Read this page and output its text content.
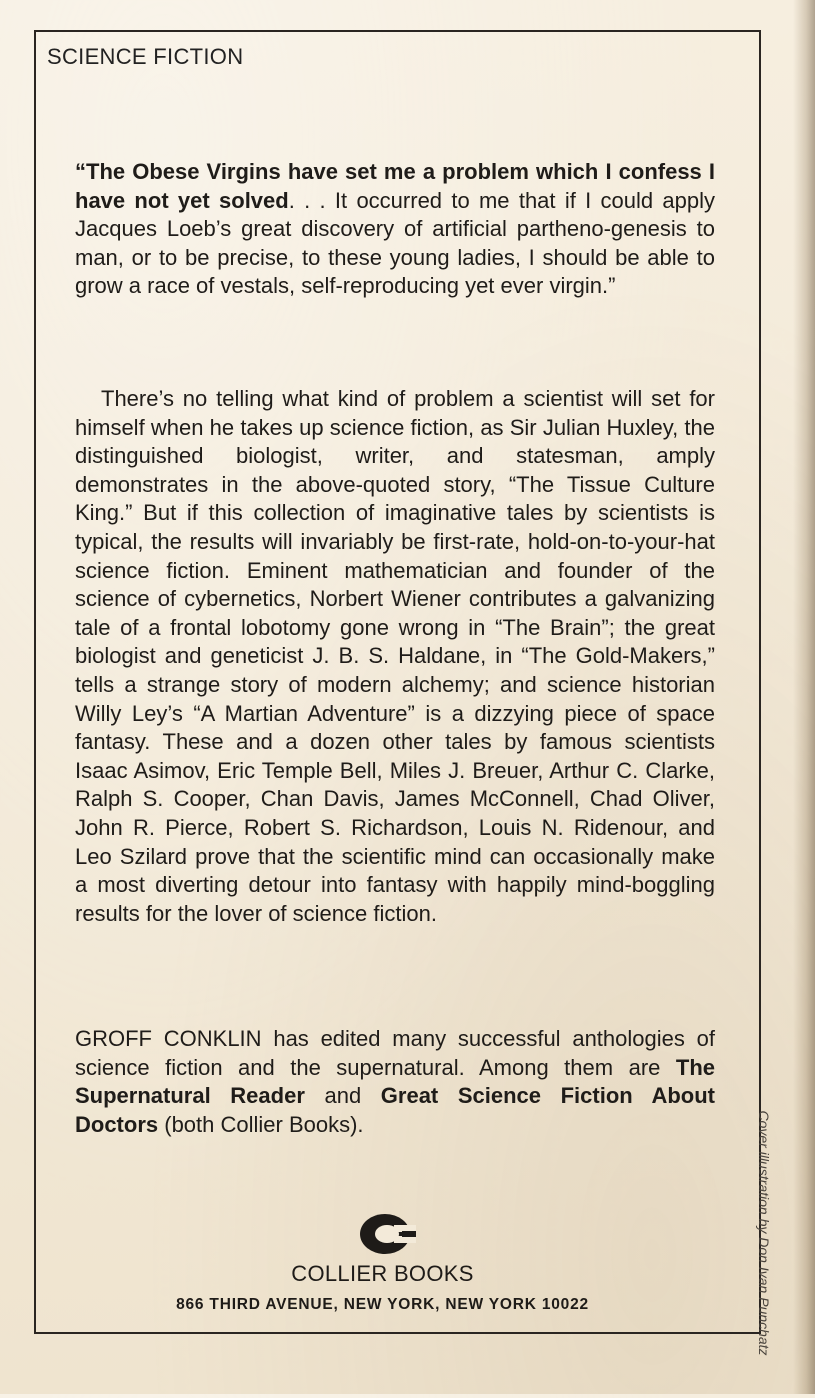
SCIENCE FICTION

“The Obese Virgins have set me a problem which I confess I have not yet solved. . . It occurred to me that if I could apply Jacques Loeb’s great discovery of artificial partheno-genesis to man, or to be precise, to these young ladies, I should be able to grow a race of vestals, self-reproducing yet ever virgin.”

There’s no telling what kind of problem a scientist will set for himself when he takes up science fiction, as Sir Julian Huxley, the distinguished biologist, writer, and statesman, amply demonstrates in the above-quoted story, “The Tissue Culture King.” But if this collection of imaginative tales by scientists is typical, the results will invariably be first-rate, hold-on-to-your-hat science fiction. Eminent mathematician and founder of the science of cybernetics, Norbert Wiener contributes a galvanizing tale of a frontal lobotomy gone wrong in “The Brain”; the great biologist and geneticist J. B. S. Haldane, in “The Gold-Makers,” tells a strange story of modern alchemy; and science historian Willy Ley’s “A Martian Adventure” is a dizzying piece of space fantasy. These and a dozen other tales by famous scientists Isaac Asimov, Eric Temple Bell, Miles J. Breuer, Arthur C. Clarke, Ralph S. Cooper, Chan Davis, James McConnell, Chad Oliver, John R. Pierce, Robert S. Richardson, Louis N. Ridenour, and Leo Szilard prove that the scientific mind can occasionally make a most diverting detour into fantasy with happily mind-boggling results for the lover of science fiction.

GROFF CONKLIN has edited many successful anthologies of science fiction and the supernatural. Among them are The Supernatural Reader and Great Science Fiction About Doctors (both Collier Books).

COLLIER BOOKS
866 THIRD AVENUE, NEW YORK, NEW YORK 10022	Cover illustration by Don Ivan Punchatz
